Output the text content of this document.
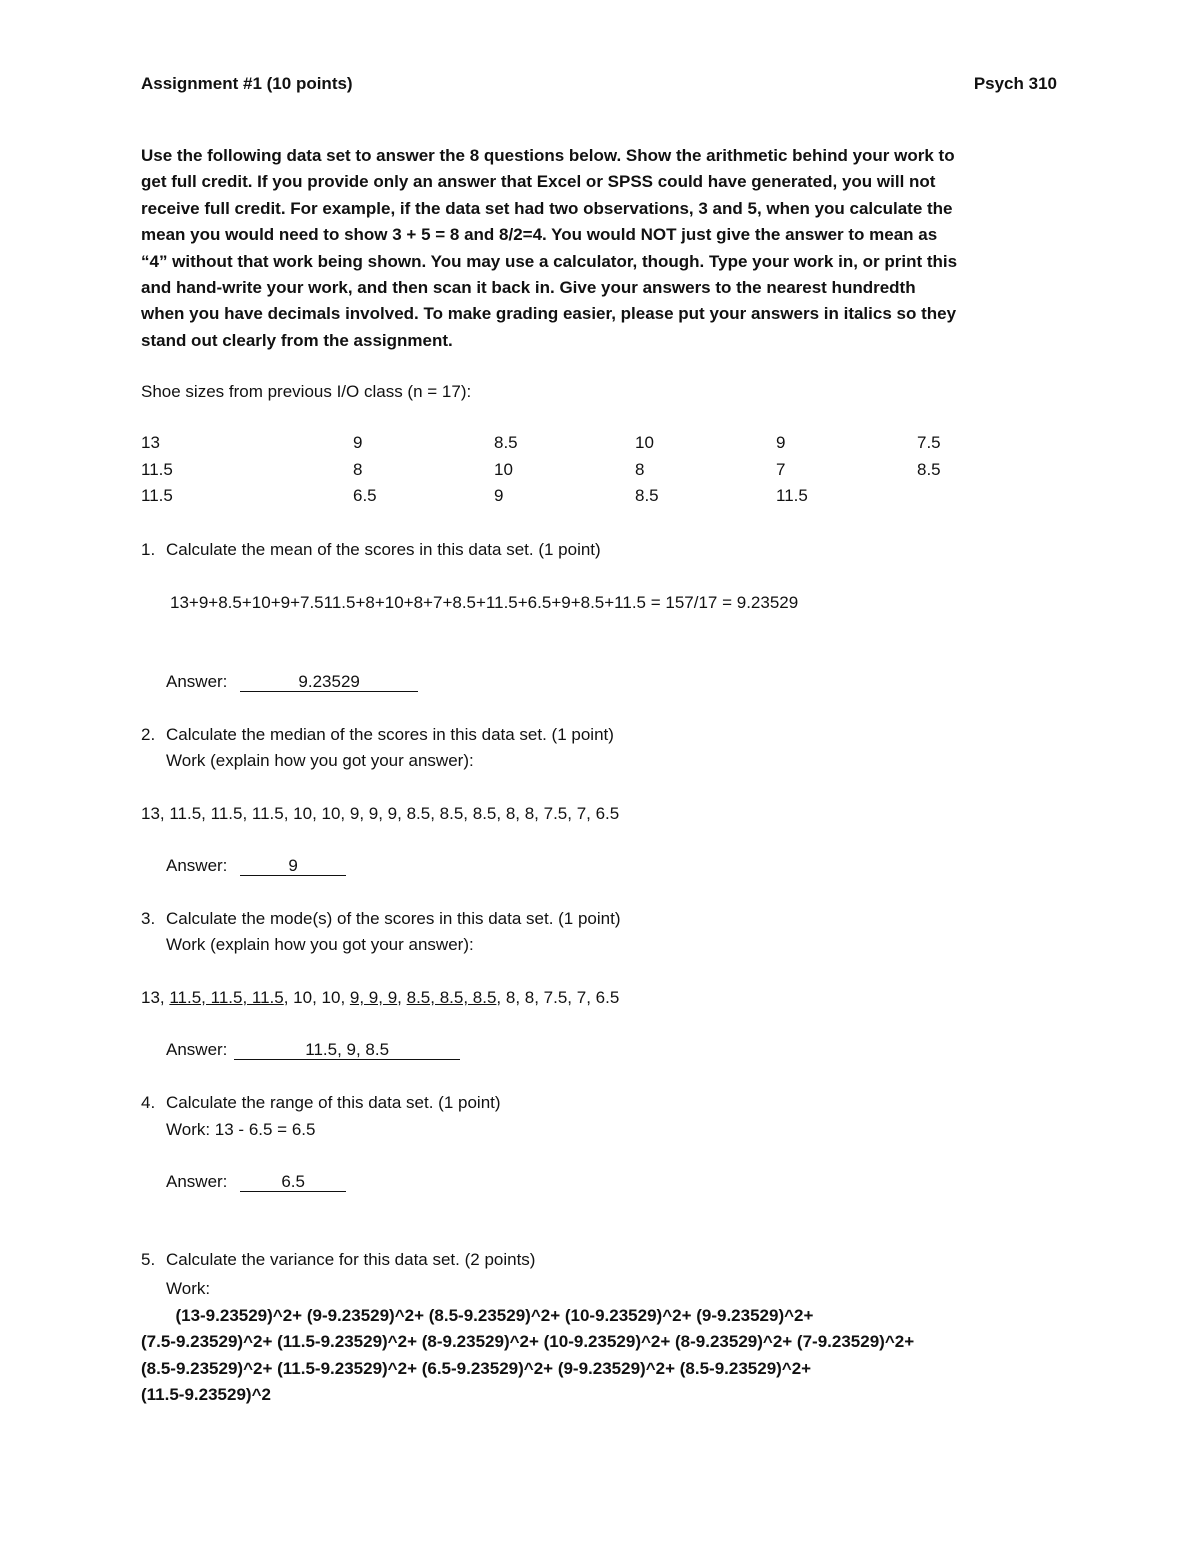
Assignment #1 (10 points)	Psych 310
Use the following data set to answer the 8 questions below. Show the arithmetic behind your work to
get full credit. If you provide only an answer that Excel or SPSS could have generated, you will not
receive full credit. For example, if the data set had two observations, 3 and 5, when you calculate the
mean you would need to show 3 + 5 = 8 and 8/2=4. You would NOT just give the answer to mean as
“4” without that work being shown. You may use a calculator, though. Type your work in, or print this
and hand-write your work, and then scan it back in. Give your answers to the nearest hundredth
when you have decimals involved. To make grading easier, please put your answers in italics so they
stand out clearly from the assignment.
Shoe sizes from previous I/O class (n = 17):
13	9	8.5	10	9	7.5
11.5	8	10	8	7	8.5
11.5	6.5	9	8.5	11.5
1. Calculate the mean of the scores in this data set. (1 point)
13+9+8.5+10+9+7.511.5+8+10+8+7+8.5+11.5+6.5+9+8.5+11.5 = 157/17 = 9.23529
Answer:	9.23529
2. Calculate the median of the scores in this data set. (1 point)
Work (explain how you got your answer):
13, 11.5, 11.5, 11.5, 10, 10, 9, 9, 9, 8.5, 8.5, 8.5, 8, 8, 7.5, 7, 6.5
Answer:	9
3. Calculate the mode(s) of the scores in this data set. (1 point)
Work (explain how you got your answer):
13, 11.5, 11.5, 11.5, 10, 10, 9, 9, 9, 8.5, 8.5, 8.5, 8, 8, 7.5, 7, 6.5
Answer:	11.5, 9, 8.5
4. Calculate the range of this data set. (1 point)
Work: 13 - 6.5 = 6.5
Answer:	6.5
5. Calculate the variance for this data set. (2 points)
Work:
(13-9.23529)^2+ (9-9.23529)^2+ (8.5-9.23529)^2+ (10-9.23529)^2+ (9-9.23529)^2+
(7.5-9.23529)^2+ (11.5-9.23529)^2+ (8-9.23529)^2+ (10-9.23529)^2+ (8-9.23529)^2+ (7-9.23529)^2+
(8.5-9.23529)^2+ (11.5-9.23529)^2+ (6.5-9.23529)^2+ (9-9.23529)^2+ (8.5-9.23529)^2+
(11.5-9.23529)^2
